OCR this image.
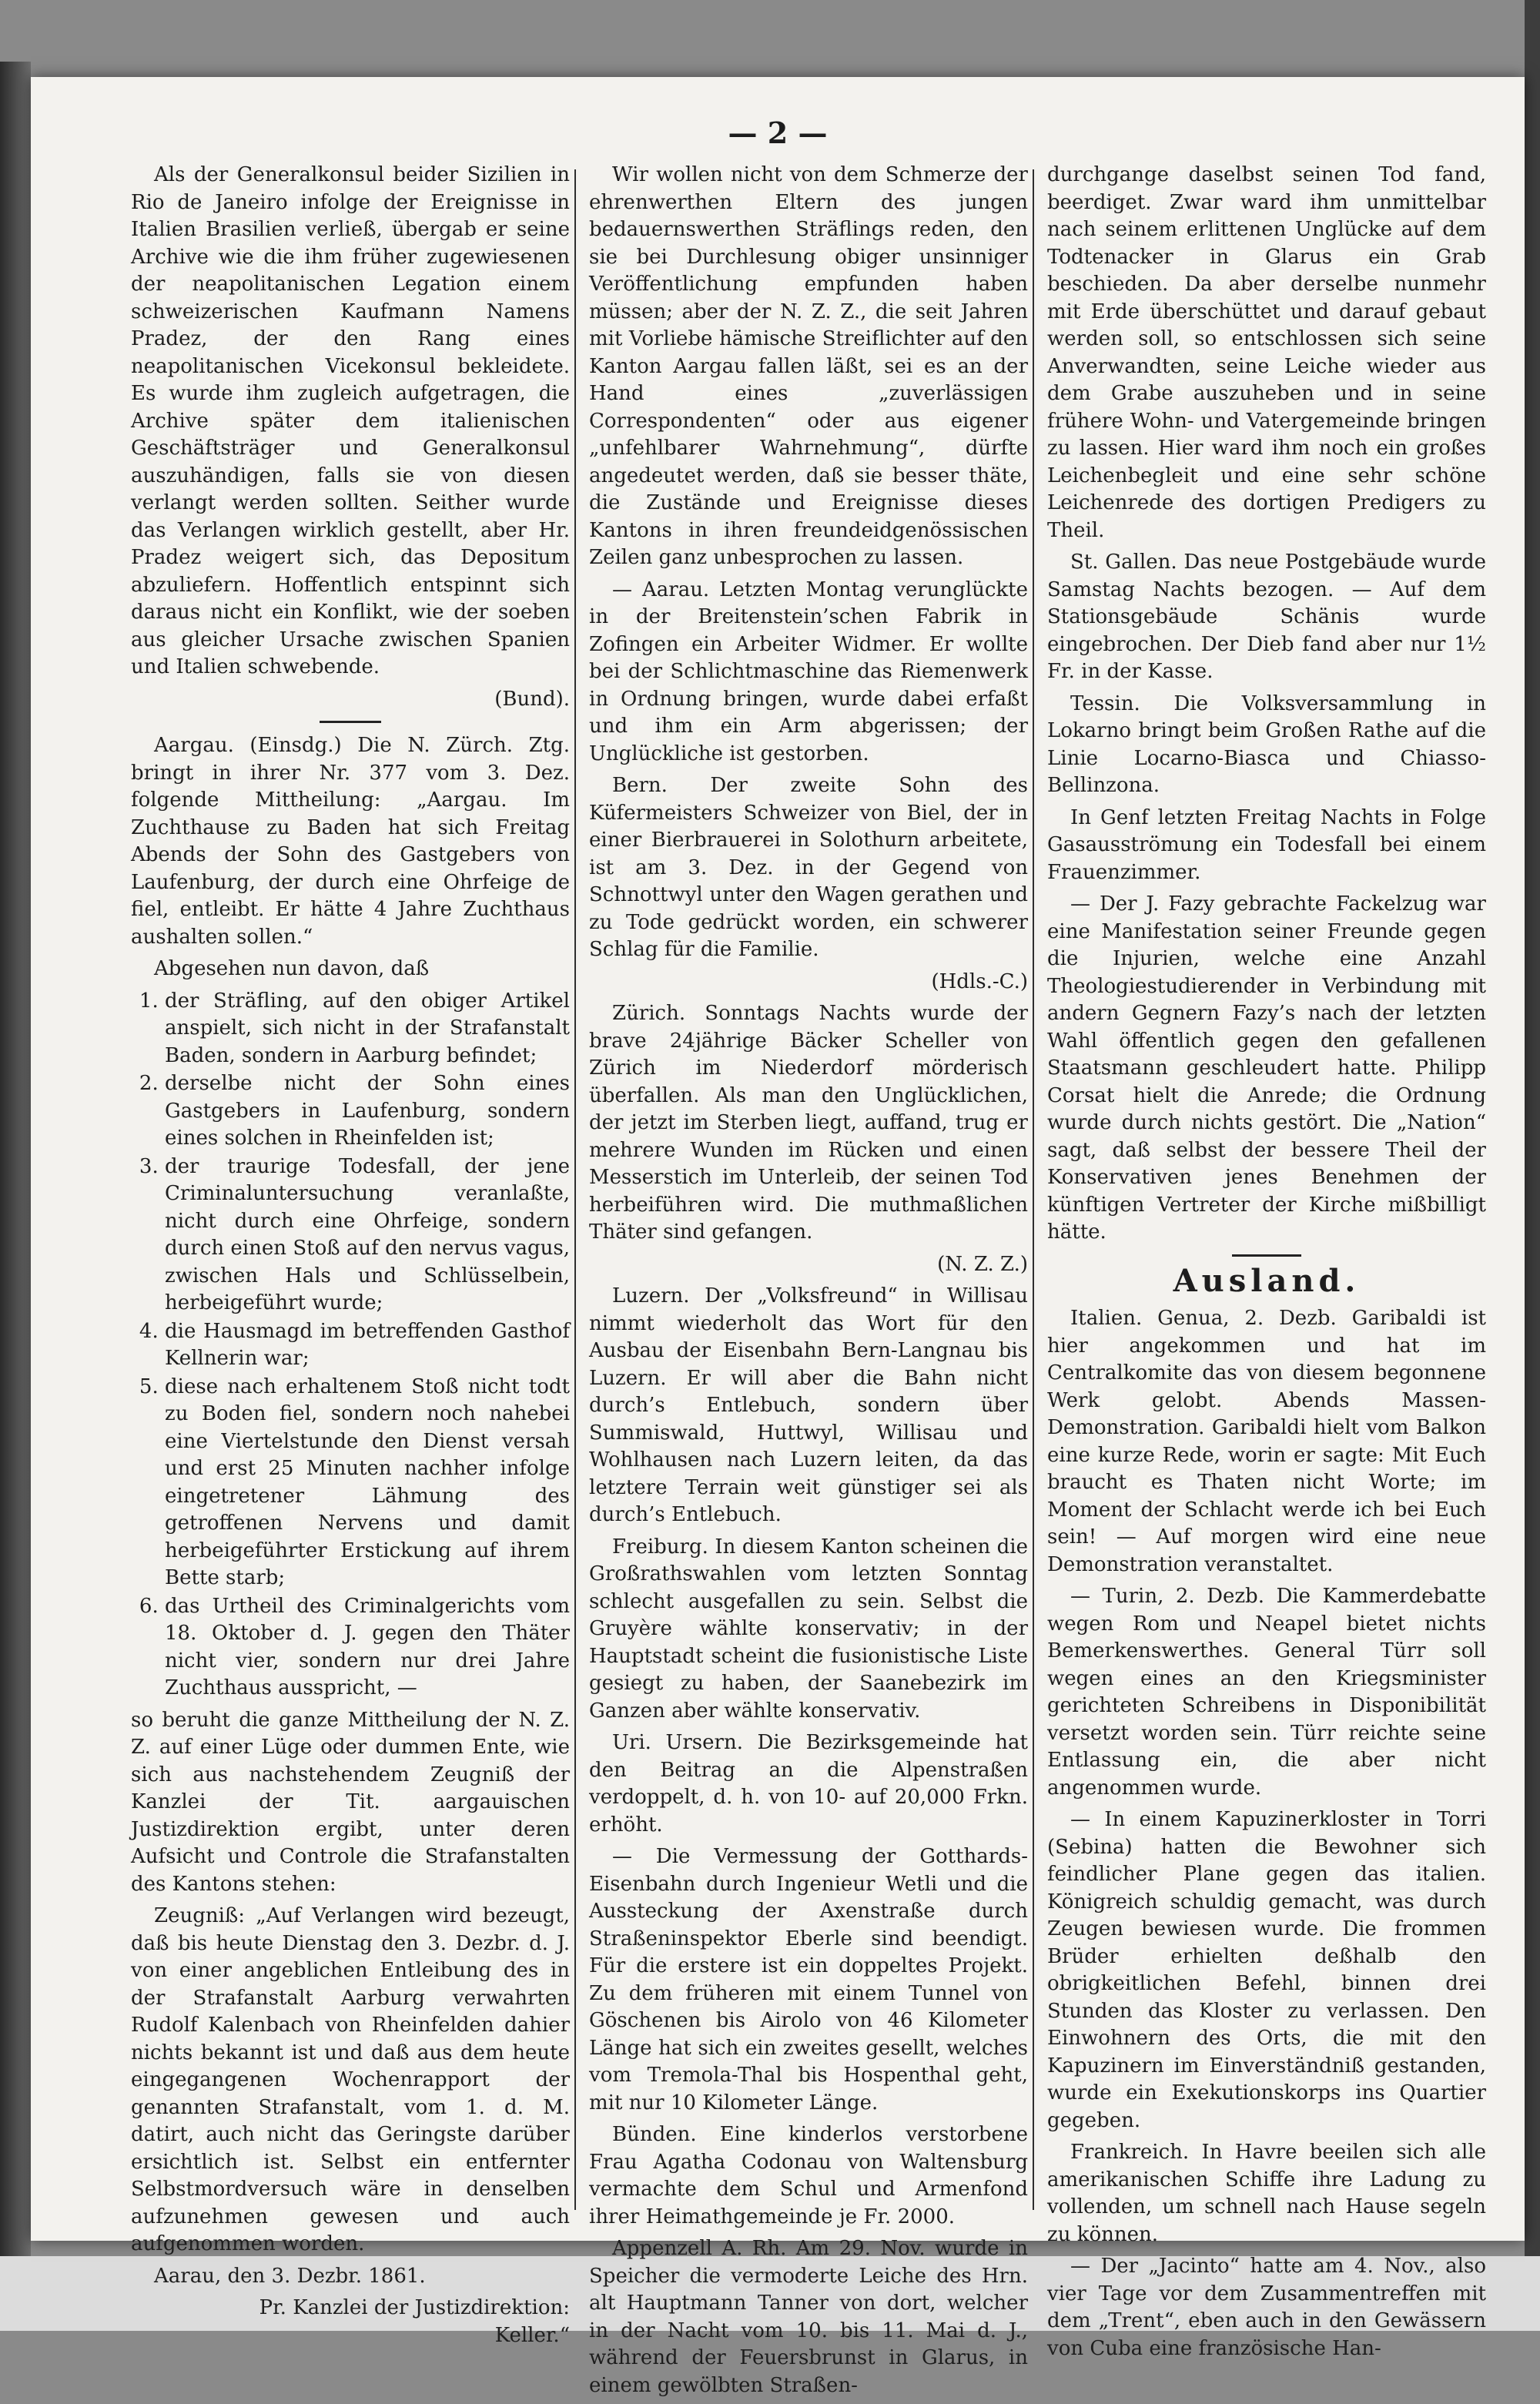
— 2 —

Als der Generalkonsul beider Sizilien in Rio de Janeiro infolge der Ereignisse in Italien Brasilien verließ, übergab er seine Archive wie die ihm früher zugewiesenen der neapolitanischen Legation einem schweizerischen Kaufmann Namens Pradez, der den Rang eines neapolitanischen Vicekonsul bekleidete. Es wurde ihm zugleich aufgetragen, die Archive später dem italienischen Geschäftsträger und Generalkonsul auszuhändigen, falls sie von diesen verlangt werden sollten. Seither wurde das Verlangen wirklich gestellt, aber Hr. Pradez weigert sich, das Depositum abzuliefern. Hoffentlich entspinnt sich daraus nicht ein Konflikt, wie der soeben aus gleicher Ursache zwischen Spanien und Italien schwebende.

(Bund).

Aargau. (Einsdg.) Die N. Zürch. Ztg. bringt in ihrer Nr. 377 vom 3. Dez. folgende Mittheilung: „Aargau. Im Zuchthause zu Baden hat sich Freitag Abends der Sohn des Gastgebers von Laufenburg, der durch eine Ohrfeige de fiel, entleibt. Er hätte 4 Jahre Zuchthaus aushalten sollen.“

Abgesehen nun davon, daß

1. der Sträfling, auf den obiger Artikel anspielt, sich nicht in der Strafanstalt Baden, sondern in Aarburg befindet;
2. derselbe nicht der Sohn eines Gastgebers in Laufenburg, sondern eines solchen in Rheinfelden ist;
3. der traurige Todesfall, der jene Criminaluntersuchung veranlaßte, nicht durch eine Ohrfeige, sondern durch einen Stoß auf den nervus vagus, zwischen Hals und Schlüsselbein, herbeigeführt wurde;
4. die Hausmagd im betreffenden Gasthof Kellnerin war;
5. diese nach erhaltenem Stoß nicht todt zu Boden fiel, sondern noch nahebei eine Viertelstunde den Dienst versah und erst 25 Minuten nachher infolge eingetretener Lähmung des getroffenen Nervens und damit herbeigeführter Erstickung auf ihrem Bette starb;
6. das Urtheil des Criminalgerichts vom 18. Oktober d. J. gegen den Thäter nicht vier, sondern nur drei Jahre Zuchthaus ausspricht, —

so beruht die ganze Mittheilung der N. Z. Z. auf einer Lüge oder dummen Ente, wie sich aus nachstehendem Zeugniß der Kanzlei der Tit. aargauischen Justizdirektion ergibt, unter deren Aufsicht und Controle die Strafanstalten des Kantons stehen:

Zeugniß: „Auf Verlangen wird bezeugt, daß bis heute Dienstag den 3. Dezbr. d. J. von einer angeblichen Entleibung des in der Strafanstalt Aarburg verwahrten Rudolf Kalenbach von Rheinfelden dahier nichts bekannt ist und daß aus dem heute eingegangenen Wochenrapport der genannten Strafanstalt, vom 1. d. M. datirt, auch nicht das Geringste darüber ersichtlich ist. Selbst ein entfernter Selbstmordversuch wäre in denselben aufzunehmen gewesen und auch aufgenommen worden.

Aarau, den 3. Dezbr. 1861.

Pr. Kanzlei der Justizdirektion:

Keller.“

Wir wollen nicht von dem Schmerze der ehrenwerthen Eltern des jungen bedauernswerthen Sträflings reden, den sie bei Durchlesung obiger unsinniger Veröffentlichung empfunden haben müssen; aber der N. Z. Z., die seit Jahren mit Vorliebe hämische Streiflichter auf den Kanton Aargau fallen läßt, sei es an der Hand eines „zuverlässigen Correspondenten“ oder aus eigener „unfehlbarer Wahrnehmung“, dürfte angedeutet werden, daß sie besser thäte, die Zustände und Ereignisse dieses Kantons in ihren freundeidgenössischen Zeilen ganz unbesprochen zu lassen.

— Aarau. Letzten Montag verunglückte in der Breitenstein’schen Fabrik in Zofingen ein Arbeiter Widmer. Er wollte bei der Schlichtmaschine das Riemenwerk in Ordnung bringen, wurde dabei erfaßt und ihm ein Arm abgerissen; der Unglückliche ist gestorben.

Bern. Der zweite Sohn des Küfermeisters Schweizer von Biel, der in einer Bierbrauerei in Solothurn arbeitete, ist am 3. Dez. in der Gegend von Schnottwyl unter den Wagen gerathen und zu Tode gedrückt worden, ein schwerer Schlag für die Familie.

(Hdls.-C.)

Zürich. Sonntags Nachts wurde der brave 24jährige Bäcker Scheller von Zürich im Niederdorf mörderisch überfallen. Als man den Unglücklichen, der jetzt im Sterben liegt, auffand, trug er mehrere Wunden im Rücken und einen Messerstich im Unterleib, der seinen Tod herbeiführen wird. Die muthmaßlichen Thäter sind gefangen.

(N. Z. Z.)

Luzern. Der „Volksfreund“ in Willisau nimmt wiederholt das Wort für den Ausbau der Eisenbahn Bern-Langnau bis Luzern. Er will aber die Bahn nicht durch’s Entlebuch, sondern über Summiswald, Huttwyl, Willisau und Wohlhausen nach Luzern leiten, da das letztere Terrain weit günstiger sei als durch’s Entlebuch.

Freiburg. In diesem Kanton scheinen die Großrathswahlen vom letzten Sonntag schlecht ausgefallen zu sein. Selbst die Gruyère wählte konservativ; in der Hauptstadt scheint die fusionistische Liste gesiegt zu haben, der Saanebezirk im Ganzen aber wählte konservativ.

Uri. Ursern. Die Bezirksgemeinde hat den Beitrag an die Alpenstraßen verdoppelt, d. h. von 10- auf 20,000 Frkn. erhöht.

— Die Vermessung der Gotthards-Eisenbahn durch Ingenieur Wetli und die Aussteckung der Axenstraße durch Straßeninspektor Eberle sind beendigt. Für die erstere ist ein doppeltes Projekt. Zu dem früheren mit einem Tunnel von Göschenen bis Airolo von 46 Kilometer Länge hat sich ein zweites gesellt, welches vom Tremola-Thal bis Hospenthal geht, mit nur 10 Kilometer Länge.

Bünden. Eine kinderlos verstorbene Frau Agatha Codonau von Waltensburg vermachte dem Schul und Armenfond ihrer Heimathgemeinde je Fr. 2000.

Appenzell A. Rh. Am 29. Nov. wurde in Speicher die vermoderte Leiche des Hrn. alt Hauptmann Tanner von dort, welcher in der Nacht vom 10. bis 11. Mai d. J., während der Feuersbrunst in Glarus, in einem gewölbten Straßen-

durchgange daselbst seinen Tod fand, beerdiget. Zwar ward ihm unmittelbar nach seinem erlittenen Unglücke auf dem Todtenacker in Glarus ein Grab beschieden. Da aber derselbe nunmehr mit Erde überschüttet und darauf gebaut werden soll, so entschlossen sich seine Anverwandten, seine Leiche wieder aus dem Grabe auszuheben und in seine frühere Wohn- und Vatergemeinde bringen zu lassen. Hier ward ihm noch ein großes Leichenbegleit und eine sehr schöne Leichenrede des dortigen Predigers zu Theil.

St. Gallen. Das neue Postgebäude wurde Samstag Nachts bezogen. — Auf dem Stationsgebäude Schänis wurde eingebrochen. Der Dieb fand aber nur 1½ Fr. in der Kasse.

Tessin. Die Volksversammlung in Lokarno bringt beim Großen Rathe auf die Linie Locarno-Biasca und Chiasso-Bellinzona.

In Genf letzten Freitag Nachts in Folge Gasausströmung ein Todesfall bei einem Frauenzimmer.

— Der J. Fazy gebrachte Fackelzug war eine Manifestation seiner Freunde gegen die Injurien, welche eine Anzahl Theologiestudierender in Verbindung mit andern Gegnern Fazy’s nach der letzten Wahl öffentlich gegen den gefallenen Staatsmann geschleudert hatte. Philipp Corsat hielt die Anrede; die Ordnung wurde durch nichts gestört. Die „Nation“ sagt, daß selbst der bessere Theil der Konservativen jenes Benehmen der künftigen Vertreter der Kirche mißbilligt hätte.

Ausland.

Italien. Genua, 2. Dezb. Garibaldi ist hier angekommen und hat im Centralkomite das von diesem begonnene Werk gelobt. Abends Massen-Demonstration. Garibaldi hielt vom Balkon eine kurze Rede, worin er sagte: Mit Euch braucht es Thaten nicht Worte; im Moment der Schlacht werde ich bei Euch sein! — Auf morgen wird eine neue Demonstration veranstaltet.

— Turin, 2. Dezb. Die Kammerdebatte wegen Rom und Neapel bietet nichts Bemerkenswerthes. General Türr soll wegen eines an den Kriegsminister gerichteten Schreibens in Disponibilität versetzt worden sein. Türr reichte seine Entlassung ein, die aber nicht angenommen wurde.

— In einem Kapuzinerkloster in Torri (Sebina) hatten die Bewohner sich feindlicher Plane gegen das italien. Königreich schuldig gemacht, was durch Zeugen bewiesen wurde. Die frommen Brüder erhielten deßhalb den obrigkeitlichen Befehl, binnen drei Stunden das Kloster zu verlassen. Den Einwohnern des Orts, die mit den Kapuzinern im Einverständniß gestanden, wurde ein Exekutionskorps ins Quartier gegeben.

Frankreich. In Havre beeilen sich alle amerikanischen Schiffe ihre Ladung zu vollenden, um schnell nach Hause segeln zu können.

— Der „Jacinto“ hatte am 4. Nov., also vier Tage vor dem Zusammentreffen mit dem „Trent“, eben auch in den Gewässern von Cuba eine französische Han-
